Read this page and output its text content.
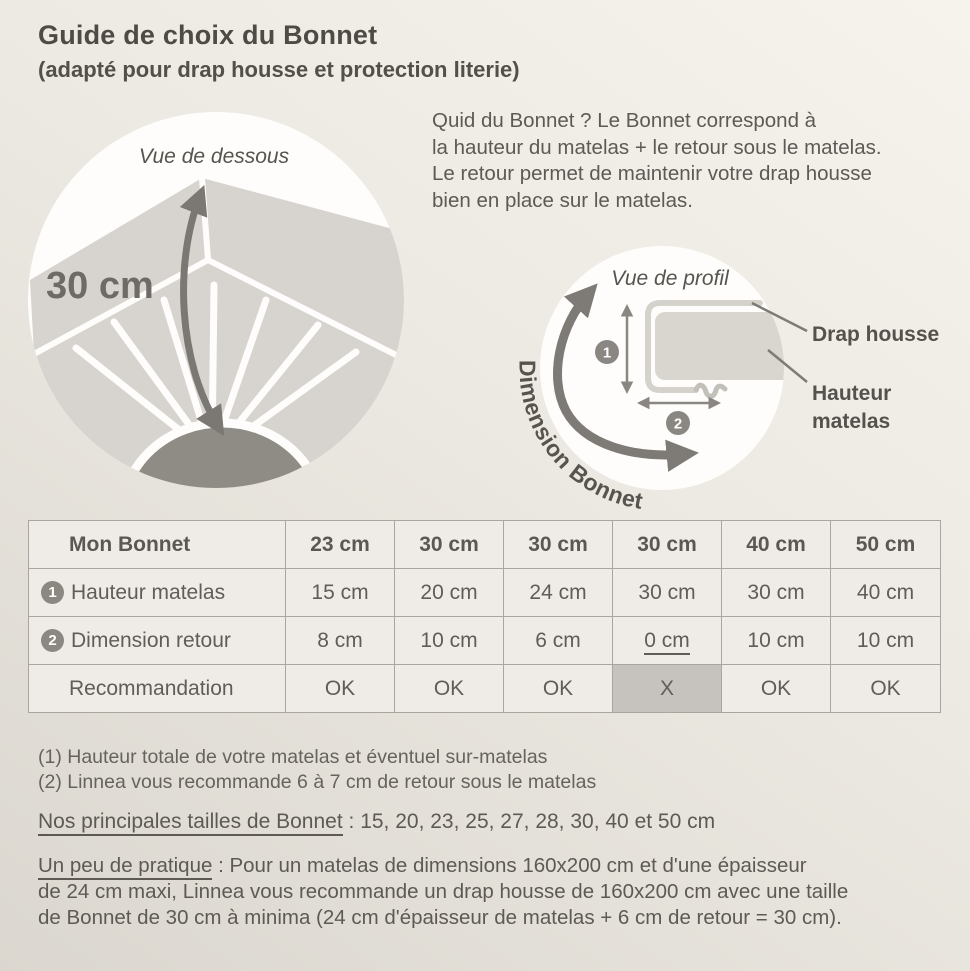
Guide de choix du Bonnet
(adapté pour drap housse et protection literie)
Quid du Bonnet ? Le Bonnet correspond à
la hauteur du matelas + le retour sous le matelas.
Le retour permet de maintenir votre drap housse
bien en place sur le matelas.
Vue de dessous
30 cm
1
2
Dimension Bonnet
Vue de profil
Drap housse
Hauteur
matelas
Mon Bonnet	23 cm	30 cm	30 cm	30 cm	40 cm	50 cm
1 Hauteur matelas	15 cm	20 cm	24 cm	30 cm	30 cm	40 cm
2 Dimension retour	8 cm	10 cm	6 cm	0 cm	10 cm	10 cm
Recommandation	OK	OK	OK	X	OK	OK
(1) Hauteur totale de votre matelas et éventuel sur-matelas
(2) Linnea vous recommande 6 à 7 cm de retour sous le matelas
Nos principales tailles de Bonnet : 15, 20, 23, 25, 27, 28, 30, 40 et 50 cm
Un peu de pratique : Pour un matelas de dimensions 160x200 cm et d'une épaisseur
de 24 cm maxi, Linnea vous recommande un drap housse de 160x200 cm avec une taille
de Bonnet de 30 cm à minima (24 cm d'épaisseur de matelas + 6 cm de retour = 30 cm).
